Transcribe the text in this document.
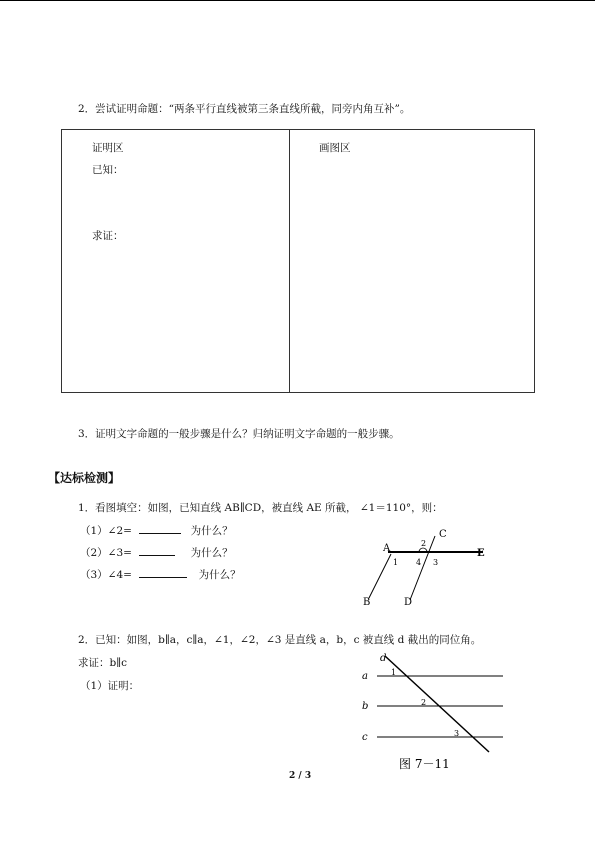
2．尝试证明命题：“两条平行直线被第三条直线所截，同旁内角互补”。
证明区	画图区
已知：
求证：
3．证明文字命题的一般步骤是什么？归纳证明文字命题的一般步骤。
【达标检测】
1．看图填空：如图，已知直线 AB∥CD，被直线 AE 所截， ∠1＝110°，则：
（1）∠2=	为什么？
（2）∠3=	为什么？
（3）∠4=	为什么？
A
B
C
D
E
1
2
3
4
2．已知：如图，b∥a，c∥a，∠1，∠2，∠3 是直线 a，b，c 被直线 d 截出的同位角。
求证：b∥c
（1）证明：
d
a
b
c
1
2
3
图 7－11
2 / 3
